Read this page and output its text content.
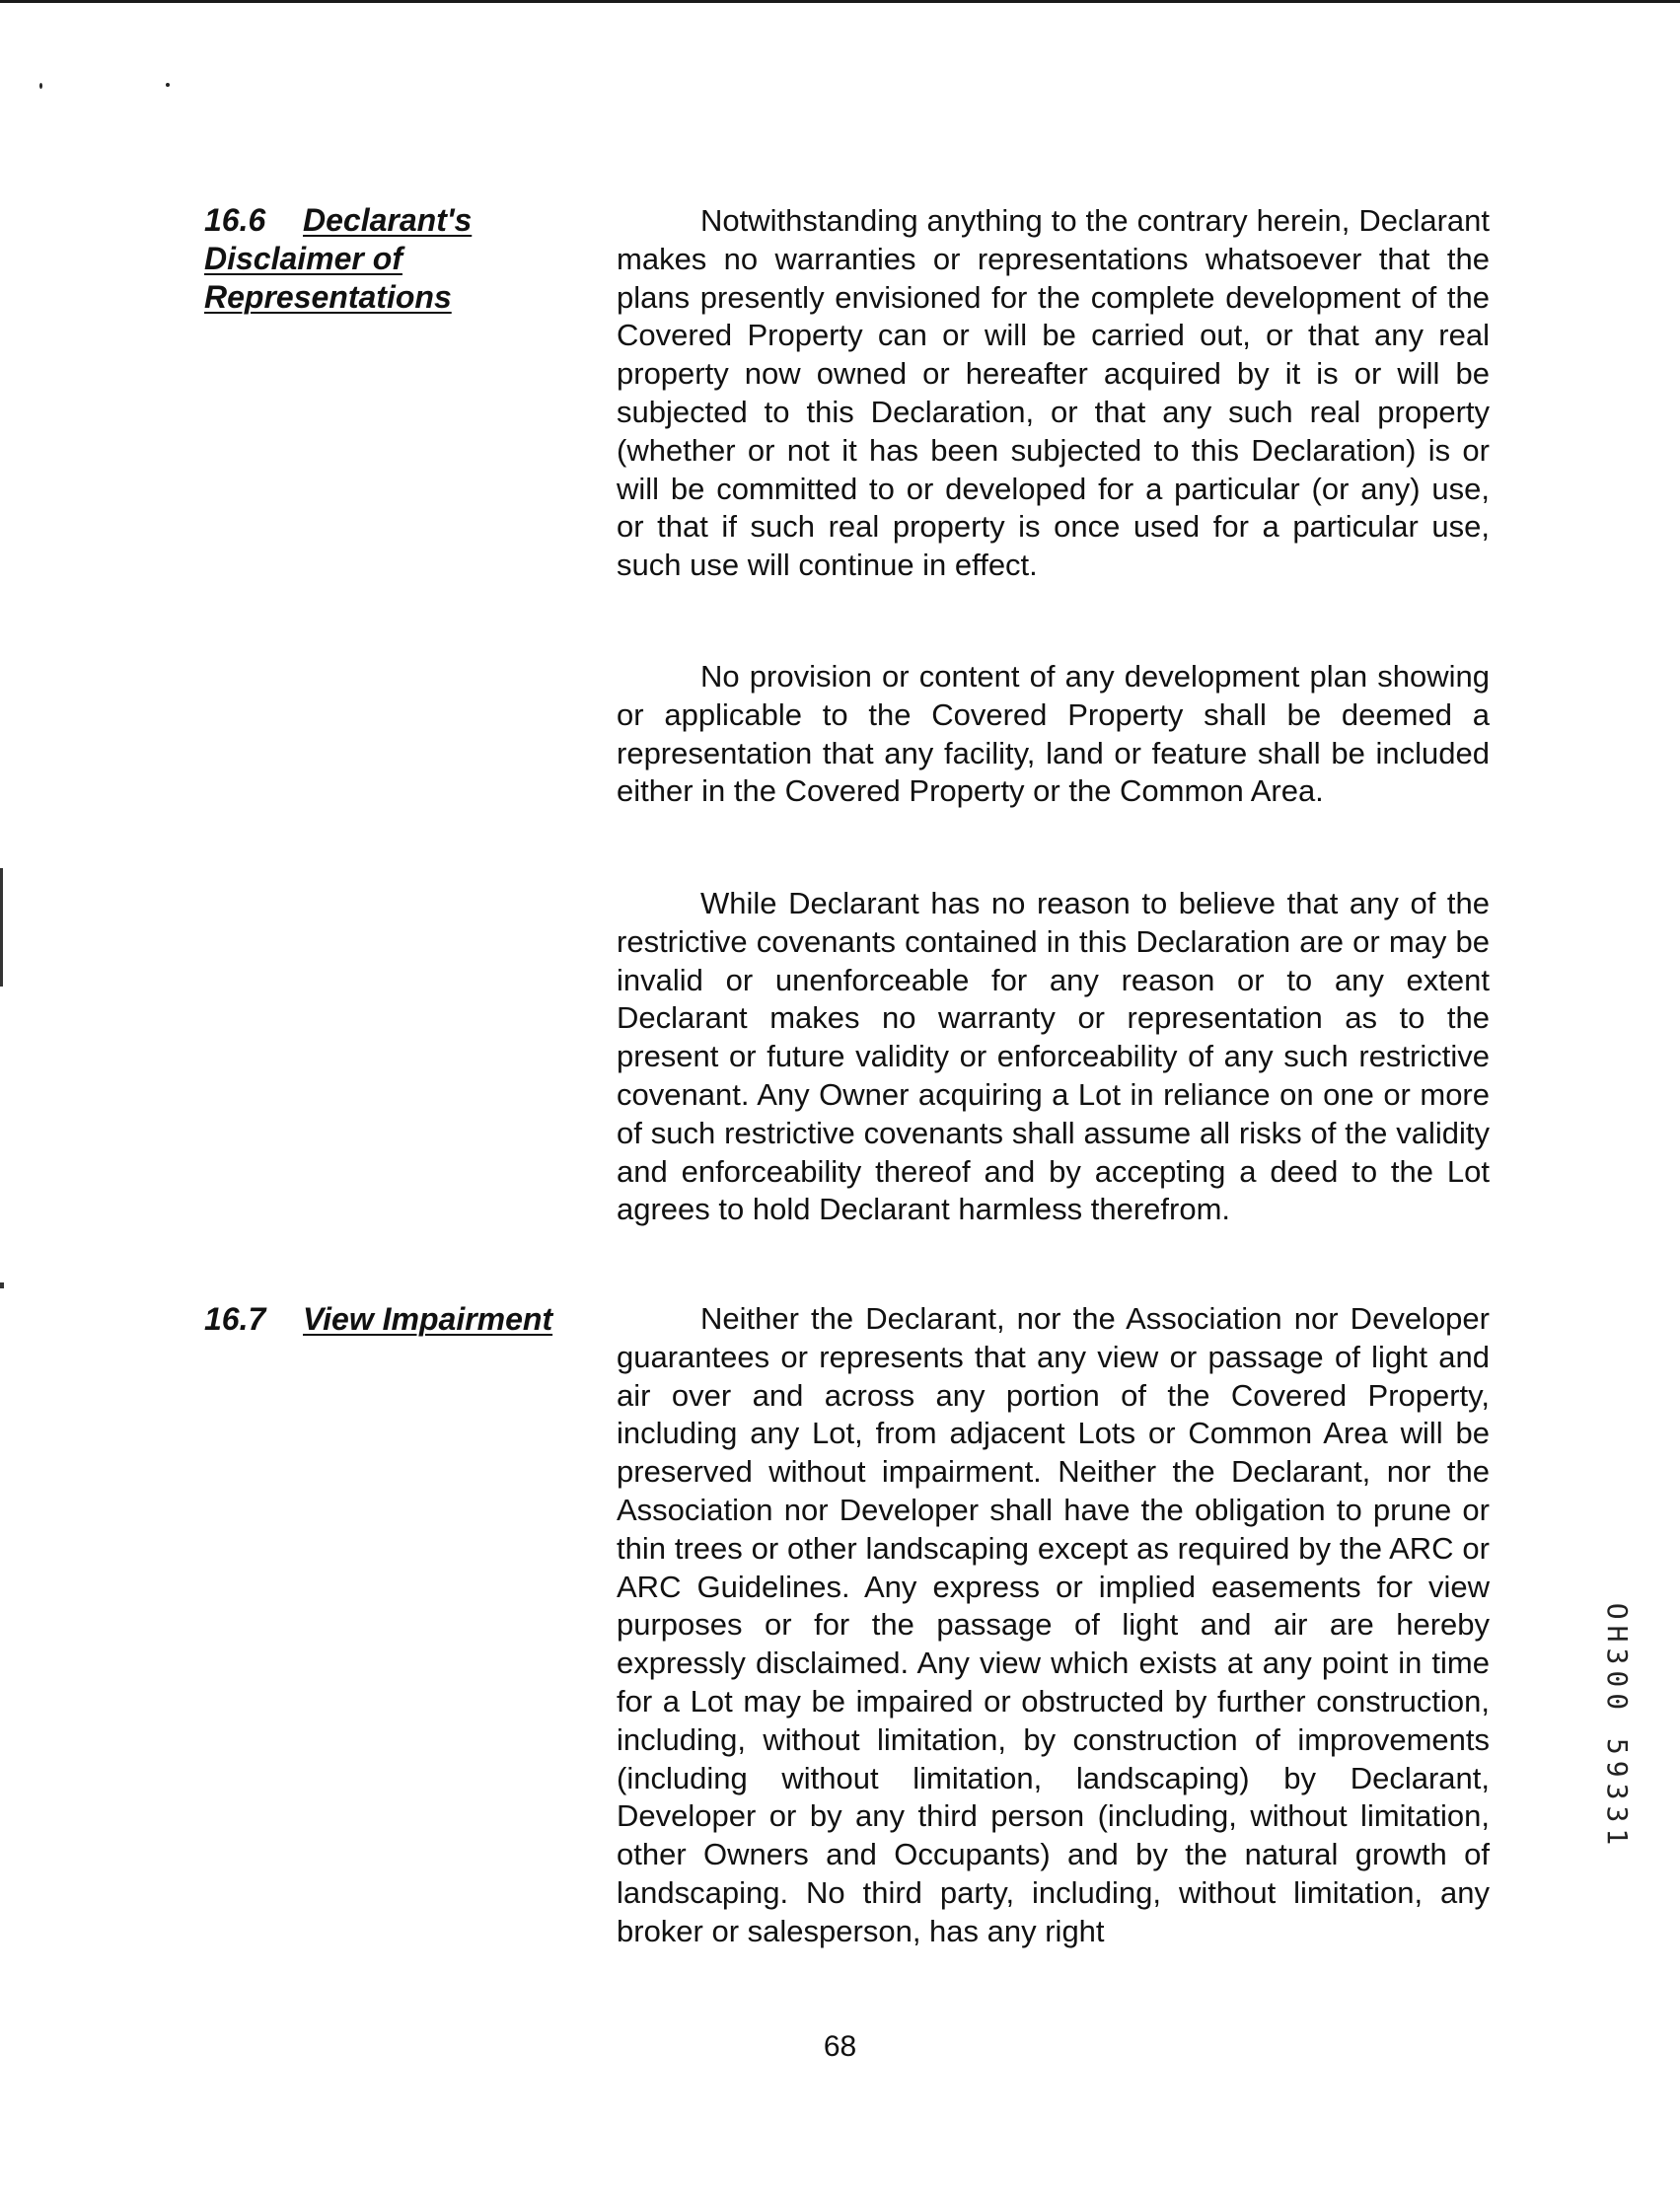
16.6 Declarant's
Disclaimer of
Representations

Notwithstanding anything to the contrary herein, Declarant makes no warranties or representations whatsoever that the plans presently envisioned for the complete development of the Covered Property can or will be carried out, or that any real property now owned or hereafter acquired by it is or will be subjected to this Declaration, or that any such real property (whether or not it has been subjected to this Declaration) is or will be committed to or developed for a particular (or any) use, or that if such real property is once used for a particular use, such use will continue in effect.

No provision or content of any development plan showing or applicable to the Covered Property shall be deemed a representation that any facility, land or feature shall be included either in the Covered Property or the Common Area.

While Declarant has no reason to believe that any of the restrictive covenants contained in this Declaration are or may be invalid or unenforceable for any reason or to any extent Declarant makes no warranty or representation as to the present or future validity or enforceability of any such restrictive covenant. Any Owner acquiring a Lot in reliance on one or more of such restrictive covenants shall assume all risks of the validity and enforceability thereof and by accepting a deed to the Lot agrees to hold Declarant harmless therefrom.

16.7 View Impairment	Neither the Declarant, nor the Association nor Developer guarantees or represents that any view or passage of light and air over and across any portion of the Covered Property, including any Lot, from adjacent Lots or Common Area will be preserved without impairment. Neither the Declarant, nor the Association nor Developer shall have the obligation to prune or thin trees or other landscaping except as required by the ARC or ARC Guidelines. Any express or implied easements for view purposes or for the passage of light and air are hereby expressly disclaimed. Any view which exists at any point in time for a Lot may be impaired or obstructed by further construction, including, without limitation, by construction of improvements (including without limitation, landscaping) by Declarant, Developer or by any third person (including, without limitation, other Owners and Occupants) and by the natural growth of landscaping. No third party, including, without limitation, any broker or salesperson, has any right

68

OH300 59331
